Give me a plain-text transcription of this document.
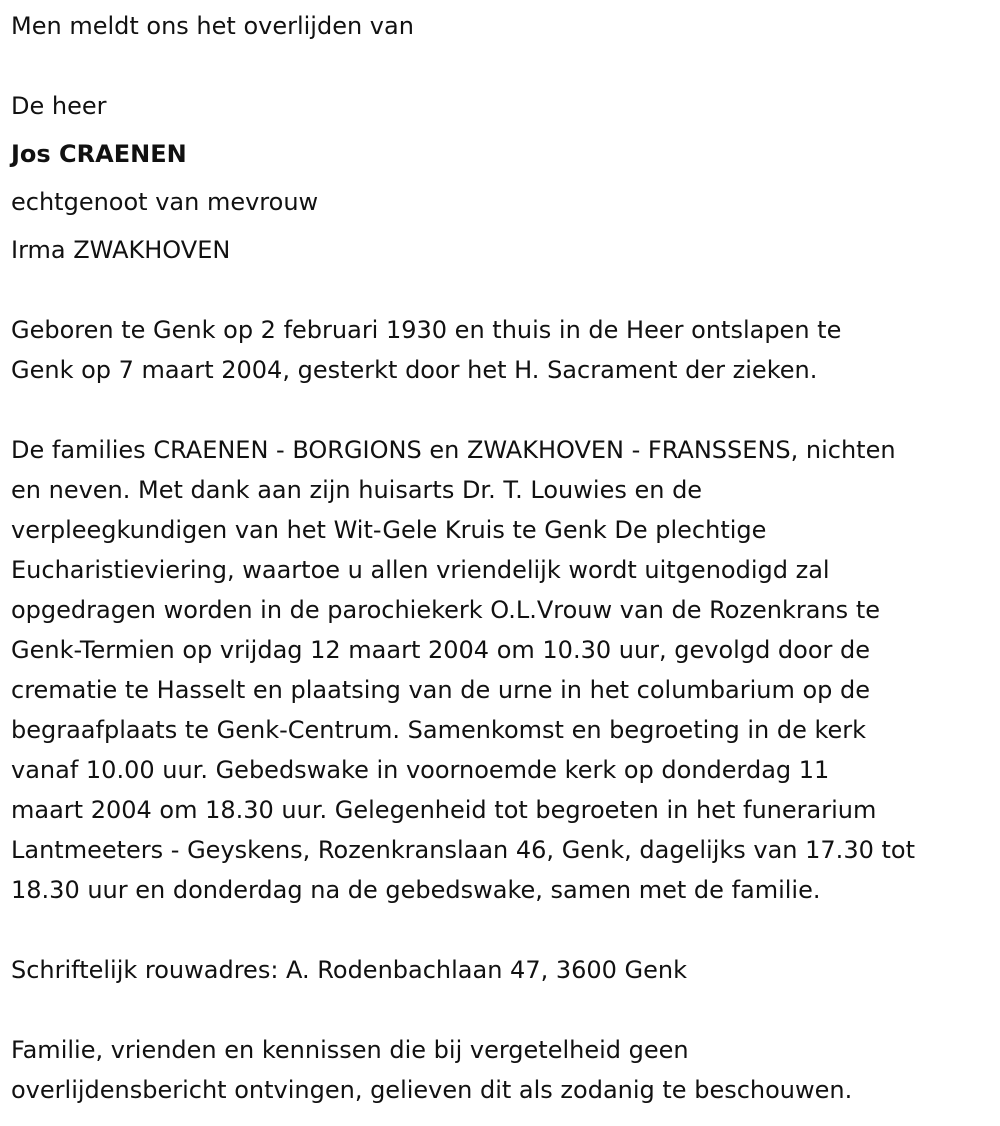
Men meldt ons het overlijden van
De heer
Jos CRAENEN
echtgenoot van mevrouw
Irma ZWAKHOVEN
Geboren te Genk op 2 februari 1930 en thuis in de Heer ontslapen te
Genk op 7 maart 2004, gesterkt door het H. Sacrament der zieken.
De families CRAENEN - BORGIONS en ZWAKHOVEN - FRANSSENS, nichten
en neven. Met dank aan zijn huisarts Dr. T. Louwies en de
verpleegkundigen van het Wit-Gele Kruis te Genk De plechtige
Eucharistieviering, waartoe u allen vriendelijk wordt uitgenodigd zal
opgedragen worden in de parochiekerk O.L.Vrouw van de Rozenkrans te
Genk-Termien op vrijdag 12 maart 2004 om 10.30 uur, gevolgd door de
crematie te Hasselt en plaatsing van de urne in het columbarium op de
begraafplaats te Genk-Centrum. Samenkomst en begroeting in de kerk
vanaf 10.00 uur. Gebedswake in voornoemde kerk op donderdag 11
maart 2004 om 18.30 uur. Gelegenheid tot begroeten in het funerarium
Lantmeeters - Geyskens, Rozenkranslaan 46, Genk, dagelijks van 17.30 tot
18.30 uur en donderdag na de gebedswake, samen met de familie.
Schriftelijk rouwadres: A. Rodenbachlaan 47, 3600 Genk
Familie, vrienden en kennissen die bij vergetelheid geen
overlijdensbericht ontvingen, gelieven dit als zodanig te beschouwen.
